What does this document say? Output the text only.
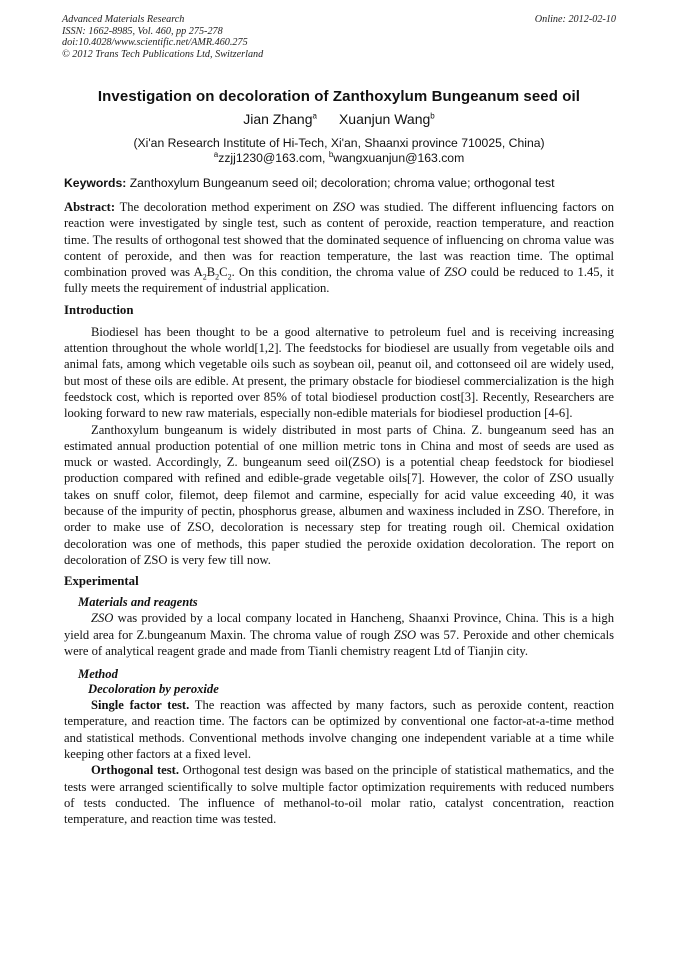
Advanced Materials Research
ISSN: 1662-8985, Vol. 460, pp 275-278
doi:10.4028/www.scientific.net/AMR.460.275
© 2012 Trans Tech Publications Ltd, Switzerland
Online: 2012-02-10
Investigation on decoloration of Zanthoxylum Bungeanum seed oil
Jian Zhang$^a$ Xuanjun Wang$^b$

(Xi'an Research Institute of Hi-Tech, Xi'an, Shaanxi province 710025, China)

$^a$zzjj1230@163.com, $^b$wangxuanjun@163.com

Keywords: Zanthoxylum Bungeanum seed oil; decoloration; chroma value; orthogonal test

Abstract: The decoloration method experiment on ZSO was studied. The different influencing factors on reaction were investigated by single test, such as content of peroxide, reaction temperature, and reaction time. The results of orthogonal test showed that the dominated sequence of influencing on chroma value was content of peroxide, and then was for reaction temperature, the last was reaction time. The optimal combination proved was $A_2B_2C_2$. On this condition, the chroma value of ZSO could be reduced to 1.45, it fully meets the requirement of industrial application.

Introduction

Biodiesel has been thought to be a good alternative to petroleum fuel and is receiving increasing attention throughout the whole world[1,2]. The feedstocks for biodiesel are usually from vegetable oils and animal fats, among which vegetable oils such as soybean oil, peanut oil, and cottonseed oil are widely used, but most of these oils are edible. At present, the primary obstacle for biodiesel commercialization is the high feedstock cost, which is reported over 85% of total biodiesel production cost[3]. Recently, Researchers are looking forward to new raw materials, especially non-edible materials for biodiesel production [4-6].

Zanthoxylum bungeanum is widely distributed in most parts of China. Z. bungeanum seed has an estimated annual production potential of one million metric tons in China and most of seeds are used as muck or wasted. Accordingly, Z. bungeanum seed oil(ZSO) is a potential cheap feedstock for biodiesel production compared with refined and edible-grade vegetable oils[7]. However, the color of ZSO usually takes on snuff color, filemot, deep filemot and carmine, especially for acid value exceeding 40, it was because of the impurity of pectin, phosphorus grease, albumen and waxiness included in ZSO. Therefore, in order to make use of ZSO, decoloration is necessary step for treating rough oil. Chemical oxidation decoloration was one of methods, this paper studied the peroxide oxidation decoloration. The report on decoloration of ZSO is very few till now.

Experimental
Materials and reagents

ZSO was provided by a local company located in Hancheng, Shaanxi Province, China. This is a high yield area for Z.bungeanum Maxin. The chroma value of rough ZSO was 57. Peroxide and other chemicals were of analytical reagent grade and made from Tianli chemistry reagent Ltd of Tianjin city.

Method
Decoloration by peroxide

Single factor test. The reaction was affected by many factors, such as peroxide content, reaction temperature, and reaction time. The factors can be optimized by conventional one factor-at-a-time method and statistical methods. Conventional methods involve changing one independent variable at a time while keeping other factors at a fixed level.

Orthogonal test. Orthogonal test design was based on the principle of statistical mathematics, and the tests were arranged scientifically to solve multiple factor optimization requirements with reduced numbers of tests conducted. The influence of methanol-to-oil molar ratio, catalyst concentration, reaction temperature, and reaction time was tested.
